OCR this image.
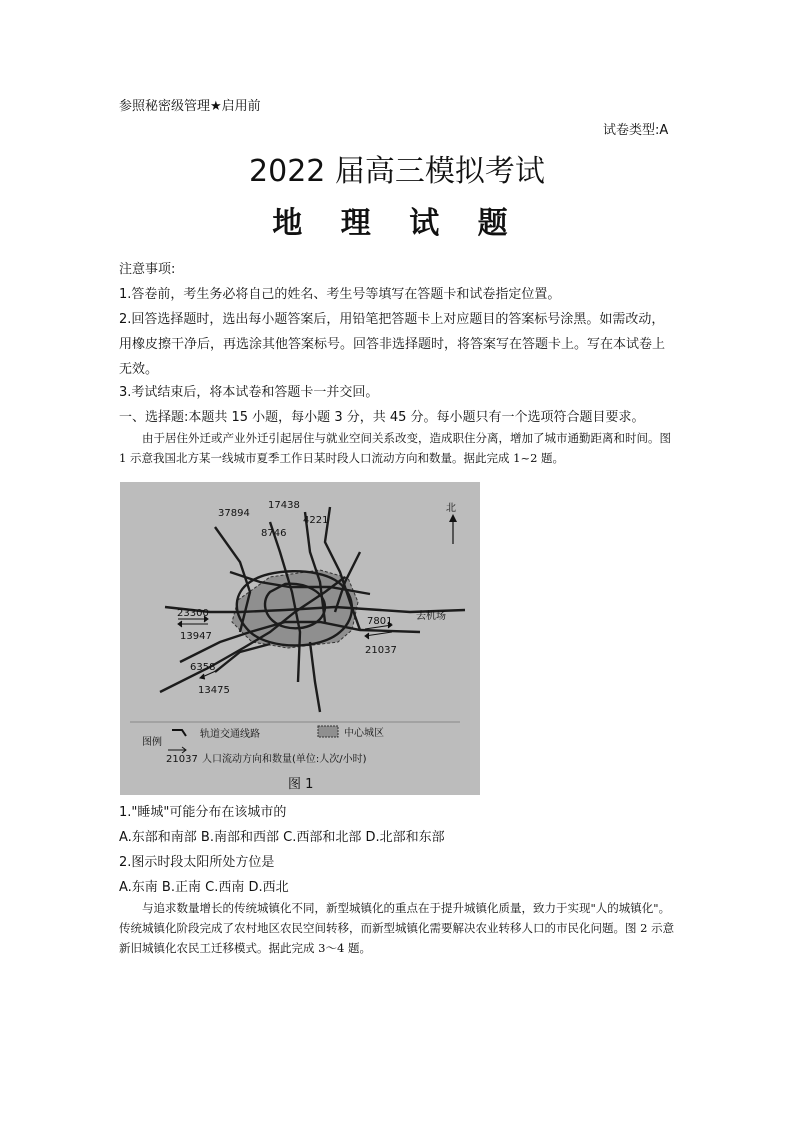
参照秘密级管理★启用前
试卷类型:A
2022 届高三模拟考试
地 理 试 题
注意事项:
1.答卷前，考生务必将自己的姓名、考生号等填写在答题卡和试卷指定位置。
2.回答选择题时，选出每小题答案后，用铅笔把答题卡上对应题目的答案标号涂黑。如需改动，用橡皮擦干净后，再选涂其他答案标号。回答非选择题时，将答案写在答题卡上。写在本试卷上无效。
3.考试结束后，将本试卷和答题卡一并交回。
一、选择题:本题共 15 小题，每小题 3 分，共 45 分。每小题只有一个选项符合题目要求。
由于居住外迁或产业外迁引起居住与就业空间关系改变，造成职住分离，增加了城市通勤距离和时间。图 1 示意我国北方某一线城市夏季工作日某时段人口流动方向和数量。据此完成 1~2 题。
37894
17438
8746
4221
23300
13947
6358
13475
7801
21037
去机场
北
图例
轨道交通线路	中心城区
21037 人口流动方向和数量(单位:人次/小时)
图 1
1."睡城"可能分布在该城市的
A.东部和南部 B.南部和西部 C.西部和北部 D.北部和东部
2.图示时段太阳所处方位是
A.东南 B.正南 C.西南 D.西北
与追求数量增长的传统城镇化不同，新型城镇化的重点在于提升城镇化质量，致力于实现"人的城镇化"。传统城镇化阶段完成了农村地区农民空间转移，而新型城镇化需要解决农业转移人口的市民化问题。图 2 示意新旧城镇化农民工迁移模式。据此完成 3～4 题。
